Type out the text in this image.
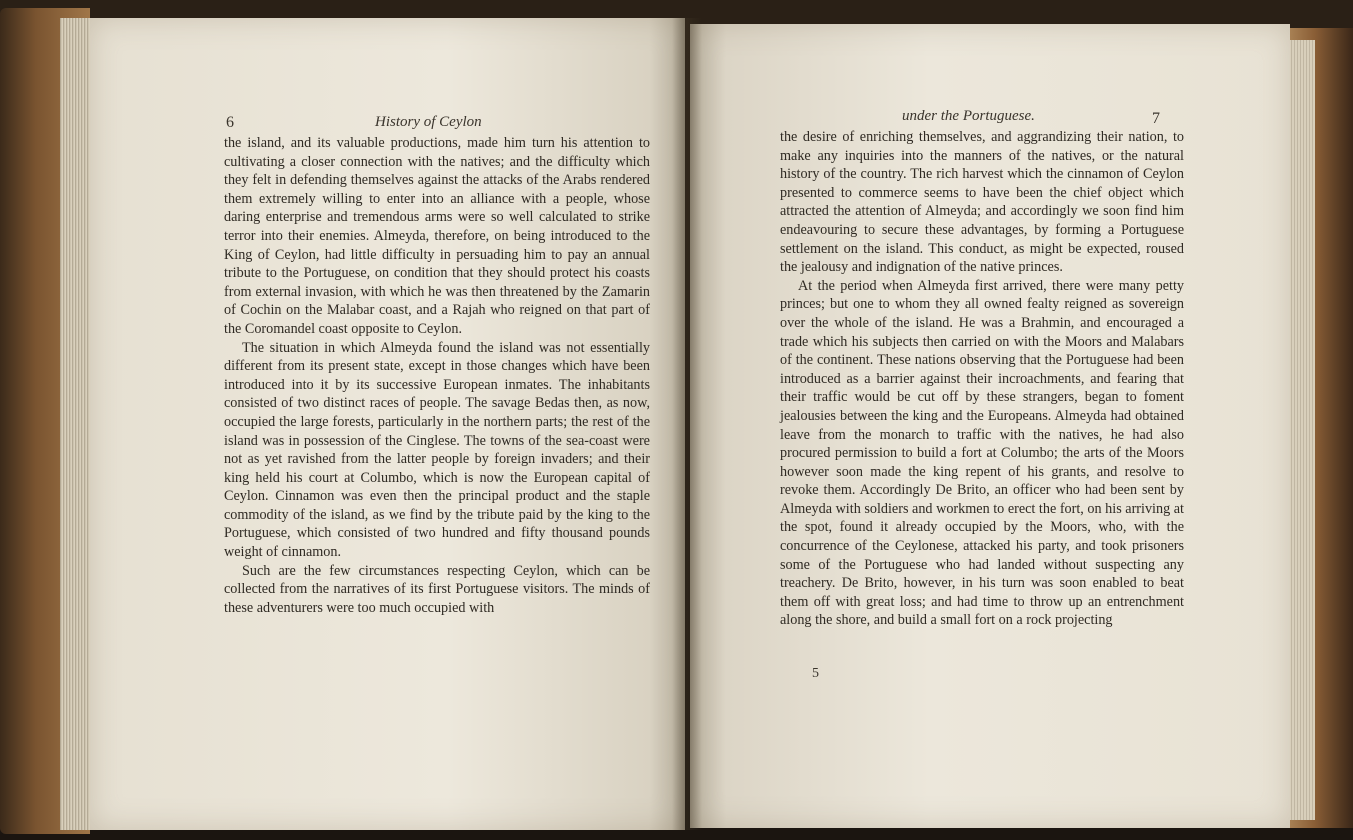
6	History of Ceylon

the island, and its valuable productions, made him turn his attention to cultivating a closer connection with the natives; and the difficulty which they felt in defending themselves against the attacks of the Arabs rendered them extremely willing to enter into an alliance with a people, whose daring enterprise and tremendous arms were so well calculated to strike terror into their enemies. Almeyda, therefore, on being introduced to the King of Ceylon, had little difficulty in persuading him to pay an annual tribute to the Portuguese, on condition that they should protect his coasts from external invasion, with which he was then threatened by the Zamarin of Cochin on the Malabar coast, and a Rajah who reigned on that part of the Coromandel coast opposite to Ceylon.

The situation in which Almeyda found the island was not essentially different from its present state, except in those changes which have been introduced into it by its successive European inmates. The inhabitants consisted of two distinct races of people. The savage Bedas then, as now, occupied the large forests, particularly in the northern parts; the rest of the island was in possession of the Cinglese. The towns of the sea-coast were not as yet ravished from the latter people by foreign invaders; and their king held his court at Columbo, which is now the European capital of Ceylon. Cinnamon was even then the principal product and the staple commodity of the island, as we find by the tribute paid by the king to the Portuguese, which consisted of two hundred and fifty thousand pounds weight of cinnamon.

Such are the few circumstances respecting Ceylon, which can be collected from the narratives of its first Portuguese visitors. The minds of these adventurers were too much occupied with

under the Portuguese.	7

the desire of enriching themselves, and aggrandizing their nation, to make any inquiries into the manners of the natives, or the natural history of the country. The rich harvest which the cinnamon of Ceylon presented to commerce seems to have been the chief object which attracted the attention of Almeyda; and accordingly we soon find him endeavouring to secure these advantages, by forming a Portuguese settlement on the island. This conduct, as might be expected, roused the jealousy and indignation of the native princes.

At the period when Almeyda first arrived, there were many petty princes; but one to whom they all owned fealty reigned as sovereign over the whole of the island. He was a Brahmin, and encouraged a trade which his subjects then carried on with the Moors and Malabars of the continent. These nations observing that the Portuguese had been introduced as a barrier against their incroachments, and fearing that their traffic would be cut off by these strangers, began to foment jealousies between the king and the Europeans. Almeyda had obtained leave from the monarch to traffic with the natives, he had also procured permission to build a fort at Columbo; the arts of the Moors however soon made the king repent of his grants, and resolve to revoke them. Accordingly De Brito, an officer who had been sent by Almeyda with soldiers and workmen to erect the fort, on his arriving at the spot, found it already occupied by the Moors, who, with the concurrence of the Ceylonese, attacked his party, and took prisoners some of the Portuguese who had landed without suspecting any treachery. De Brito, however, in his turn was soon enabled to beat them off with great loss; and had time to throw up an entrenchment along the shore, and build a small fort on a rock projecting

5
